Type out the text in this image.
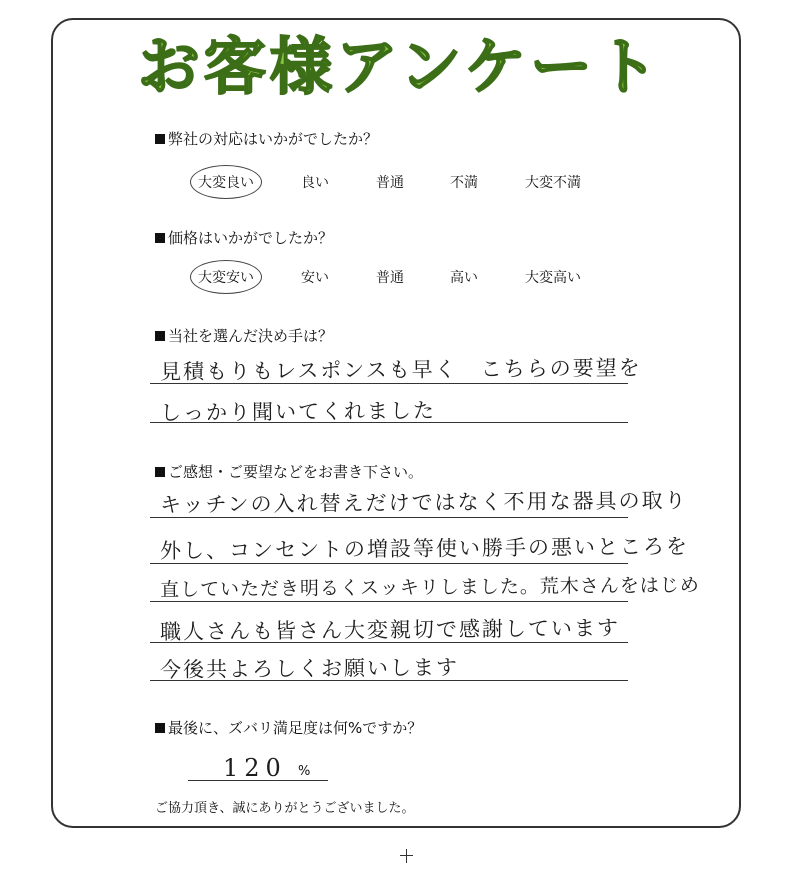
お客様アンケート
弊社の対応はいかがでしたか？
大変良い	良い	普通	不満	大変不満
価格はいかがでしたか？
大変安い	安い	普通	高い	大変高い
当社を選んだ決め手は？
見積もりもレスポンスも早く　こちらの要望を
しっかり聞いてくれました
ご感想・ご要望などをお書き下さい。
キッチンの入れ替えだけではなく不用な器具の取り
外し、コンセントの増設等使い勝手の悪いところを
直していただき明るくスッキリしました。荒木さんをはじめ
職人さんも皆さん大変親切で感謝しています
今後共よろしくお願いします
最後に、ズバリ満足度は何%ですか？
120 %
ご協力頂き、誠にありがとうございました。
